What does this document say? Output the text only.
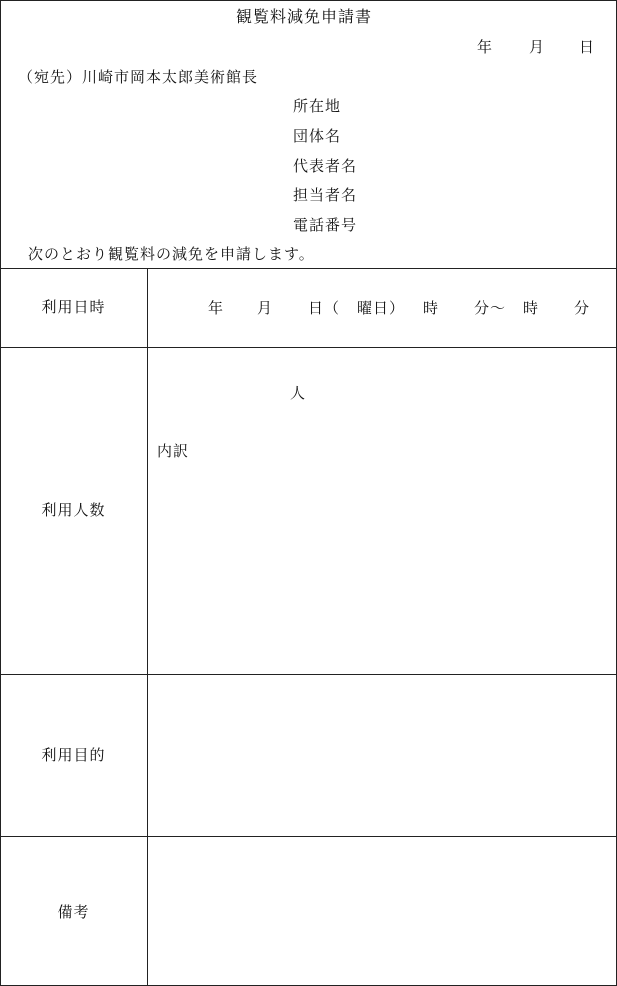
観覧料減免申請書
年 月 日
（宛先）川崎市岡本太郎美術館長
所在地
団体名
代表者名
担当者名
電話番号
次のとおり観覧料の減免を申請します。
利用日時	年 月 日（ 曜日） 時 分～ 時 分
利用人数
人
内訳
利用目的
備考
